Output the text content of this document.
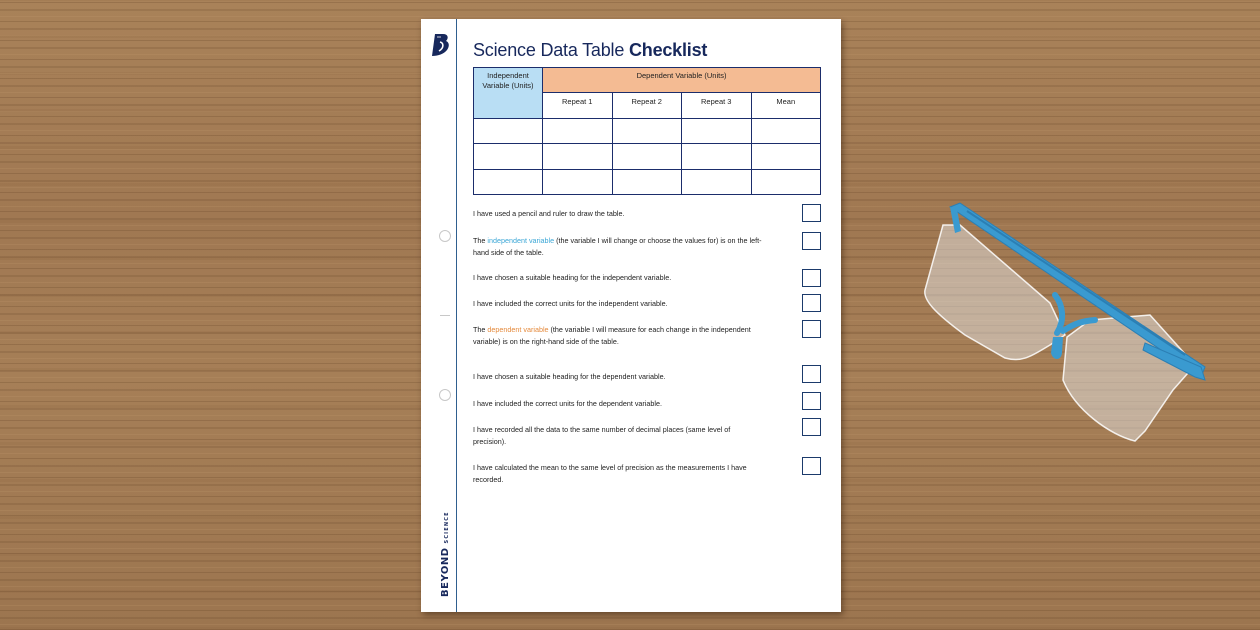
BEYOND
SCIENCE
Science Data Table Checklist
Independent Variable (Units)	Dependent Variable (Units)			
	Repeat 1	Repeat 2	Repeat 3	Mean

I have used a pencil and ruler to draw the table.
The independent variable (the variable I will change or choose the values for) is on the left-hand side of the table.
I have chosen a suitable heading for the independent variable.
I have included the correct units for the independent variable.
The dependent variable (the variable I will measure for each change in the independent variable) is on the right-hand side of the table.
I have chosen a suitable heading for the dependent variable.
I have included the correct units for the dependent variable.
I have recorded all the data to the same number of decimal places (same level of precision).
I have calculated the mean to the same level of precision as the measurements I have recorded.
